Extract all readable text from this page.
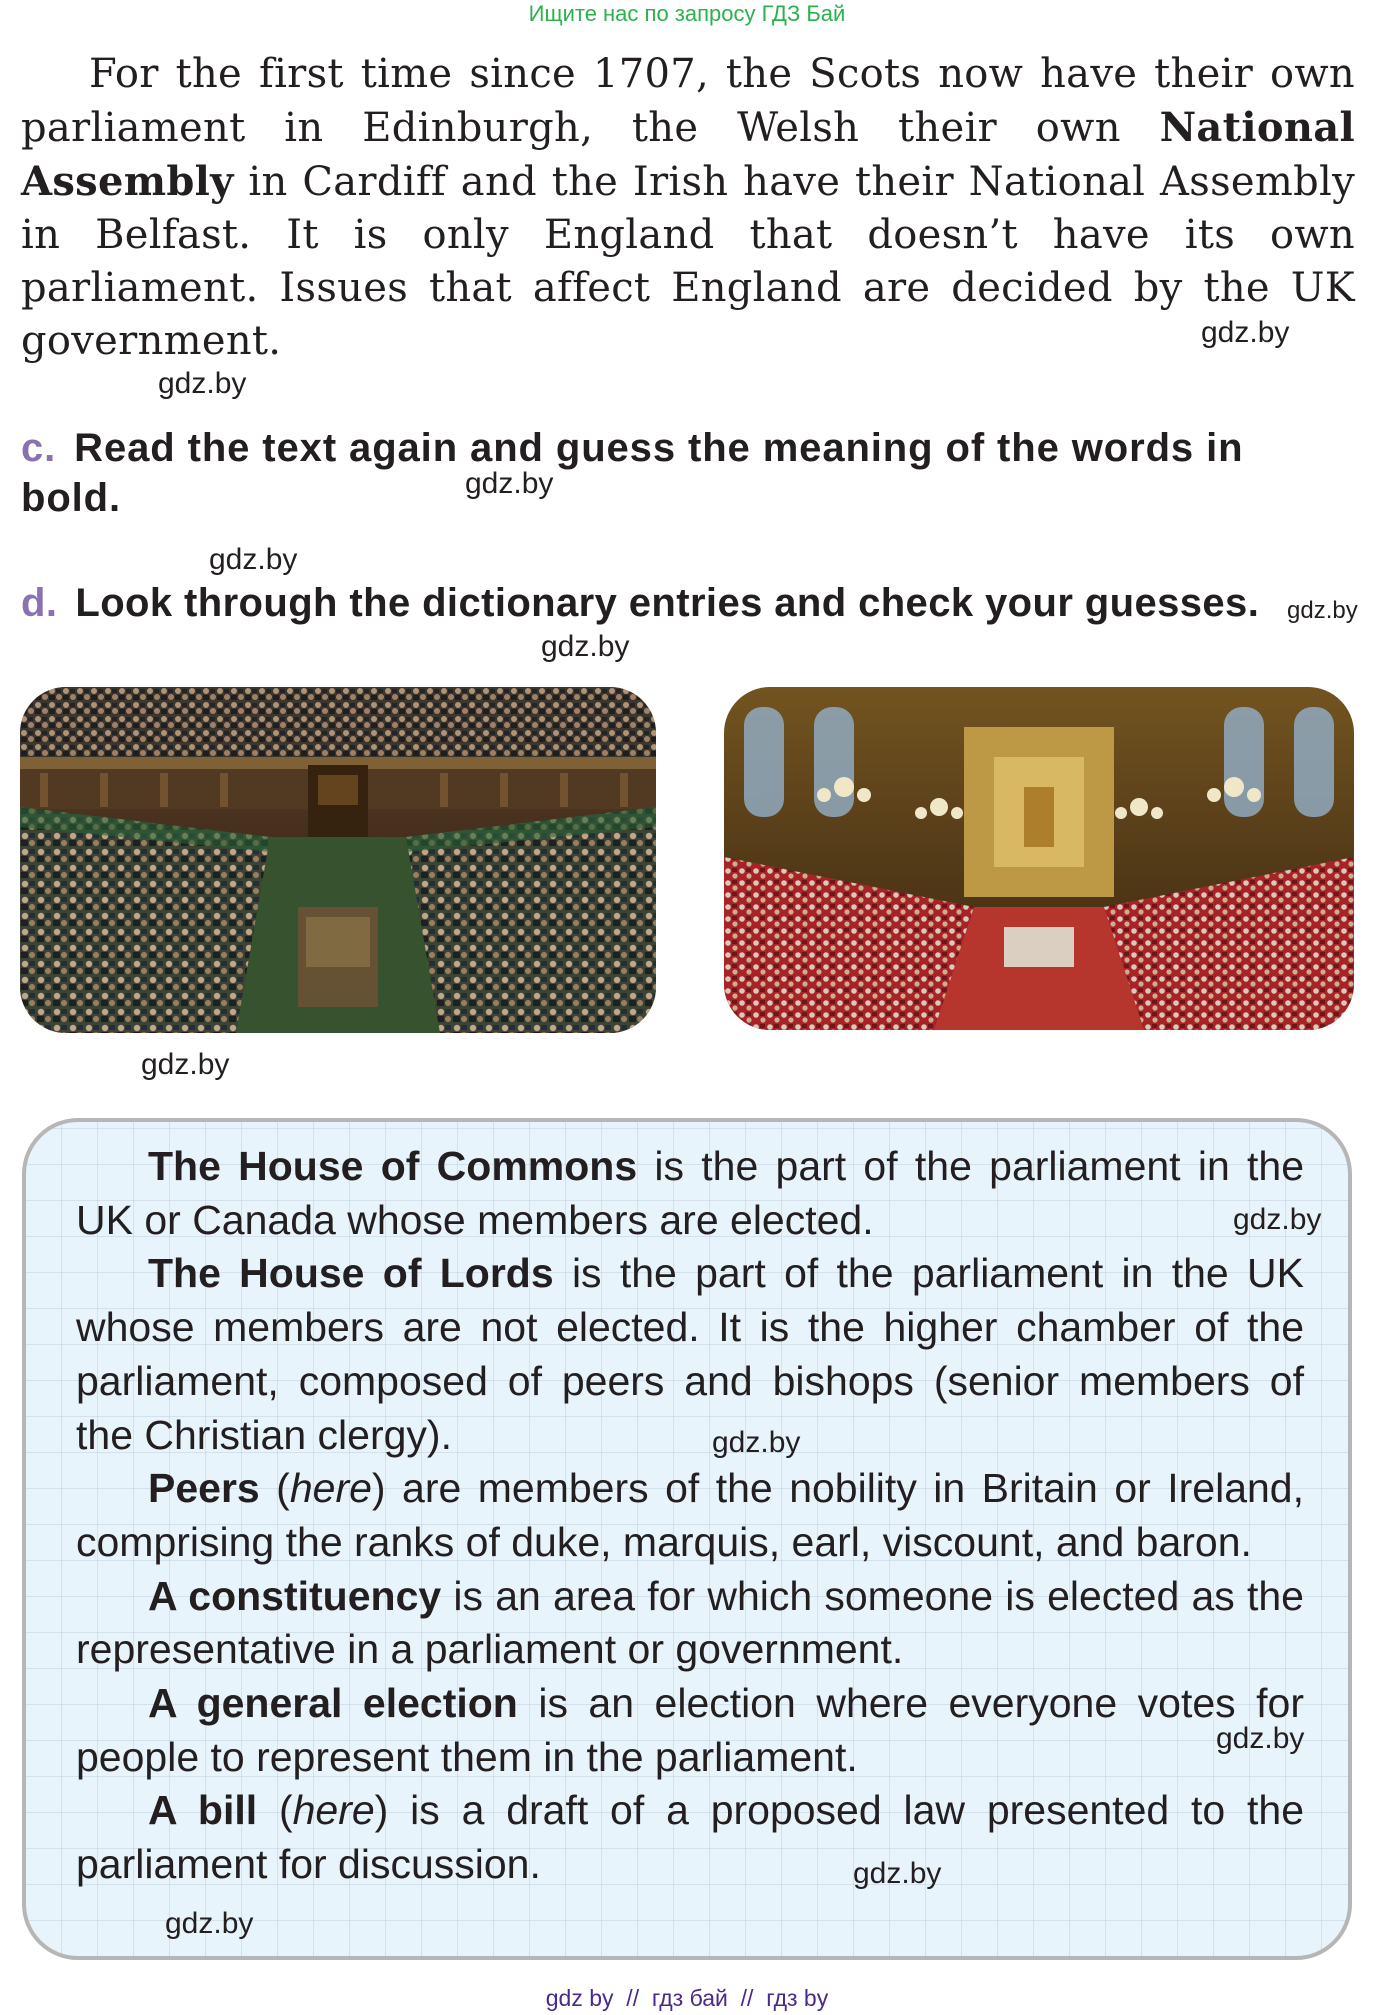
Ищите нас по запросу ГДЗ Бай
For the first time since 1707, the Scots now have their own parliament in Edinburgh, the Welsh their own National Assembly in Cardiff and the Irish have their National Assembly in Belfast. It is only England that doesn’t have its own parliament. Issues that affect England are decided by the UK government.	gdz.by
gdz.by
c. Read the text again and guess the meaning of the words in bold.	gdz.by
gdz.by
d. Look through the dictionary entries and check your guesses.	gdz.by
gdz.by
gdz.by

The House of Commons is the part of the parliament in the UK or Canada whose members are elected.

The House of Lords is the part of the parliament in the UK whose members are not elected. It is the higher chamber of the parliament, composed of peers and bishops (senior members of the Christian clergy).

Peers (here) are members of the nobility in Britain or Ireland, comprising the ranks of duke, marquis, earl, viscount, and baron.

A constituency is an area for which someone is elected as the representative in a parliament or government.

A general election is an election where everyone votes for people to represent them in the parliament.

A bill (here) is a draft of a proposed law presented to the parliament for discussion.

gdz.by
gdz.by
gdz.by
gdz.by
gdz.by
gdz by  //  гдз бай  //  гдз by
